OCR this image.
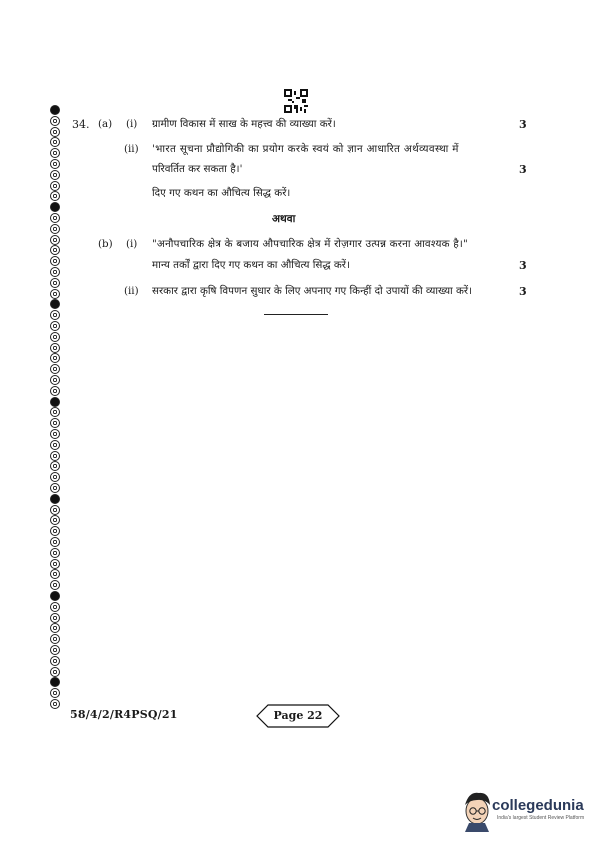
34. (a) (i) ग्रामीण विकास में साख के महत्त्व की व्याख्या करें।	3
(ii) 'भारत सूचना प्रौद्योगिकी का प्रयोग करके स्वयं को ज्ञान आधारित अर्थव्यवस्था में
परिवर्तित कर सकता है।'	3
दिए गए कथन का औचित्य सिद्ध करें।
अथवा
(b) (i) "अनौपचारिक क्षेत्र के बजाय औपचारिक क्षेत्र में रोज़गार उत्पन्न करना आवश्यक है।"
मान्य तर्कों द्वारा दिए गए कथन का औचित्य सिद्ध करें।	3
(ii) सरकार द्वारा कृषि विपणन सुधार के लिए अपनाए गए किन्हीं दो उपायों की व्याख्या करें।	3
58/4/2/R4PSQ/21	Page 22
collegedunia
India's largest Student Review Platform
